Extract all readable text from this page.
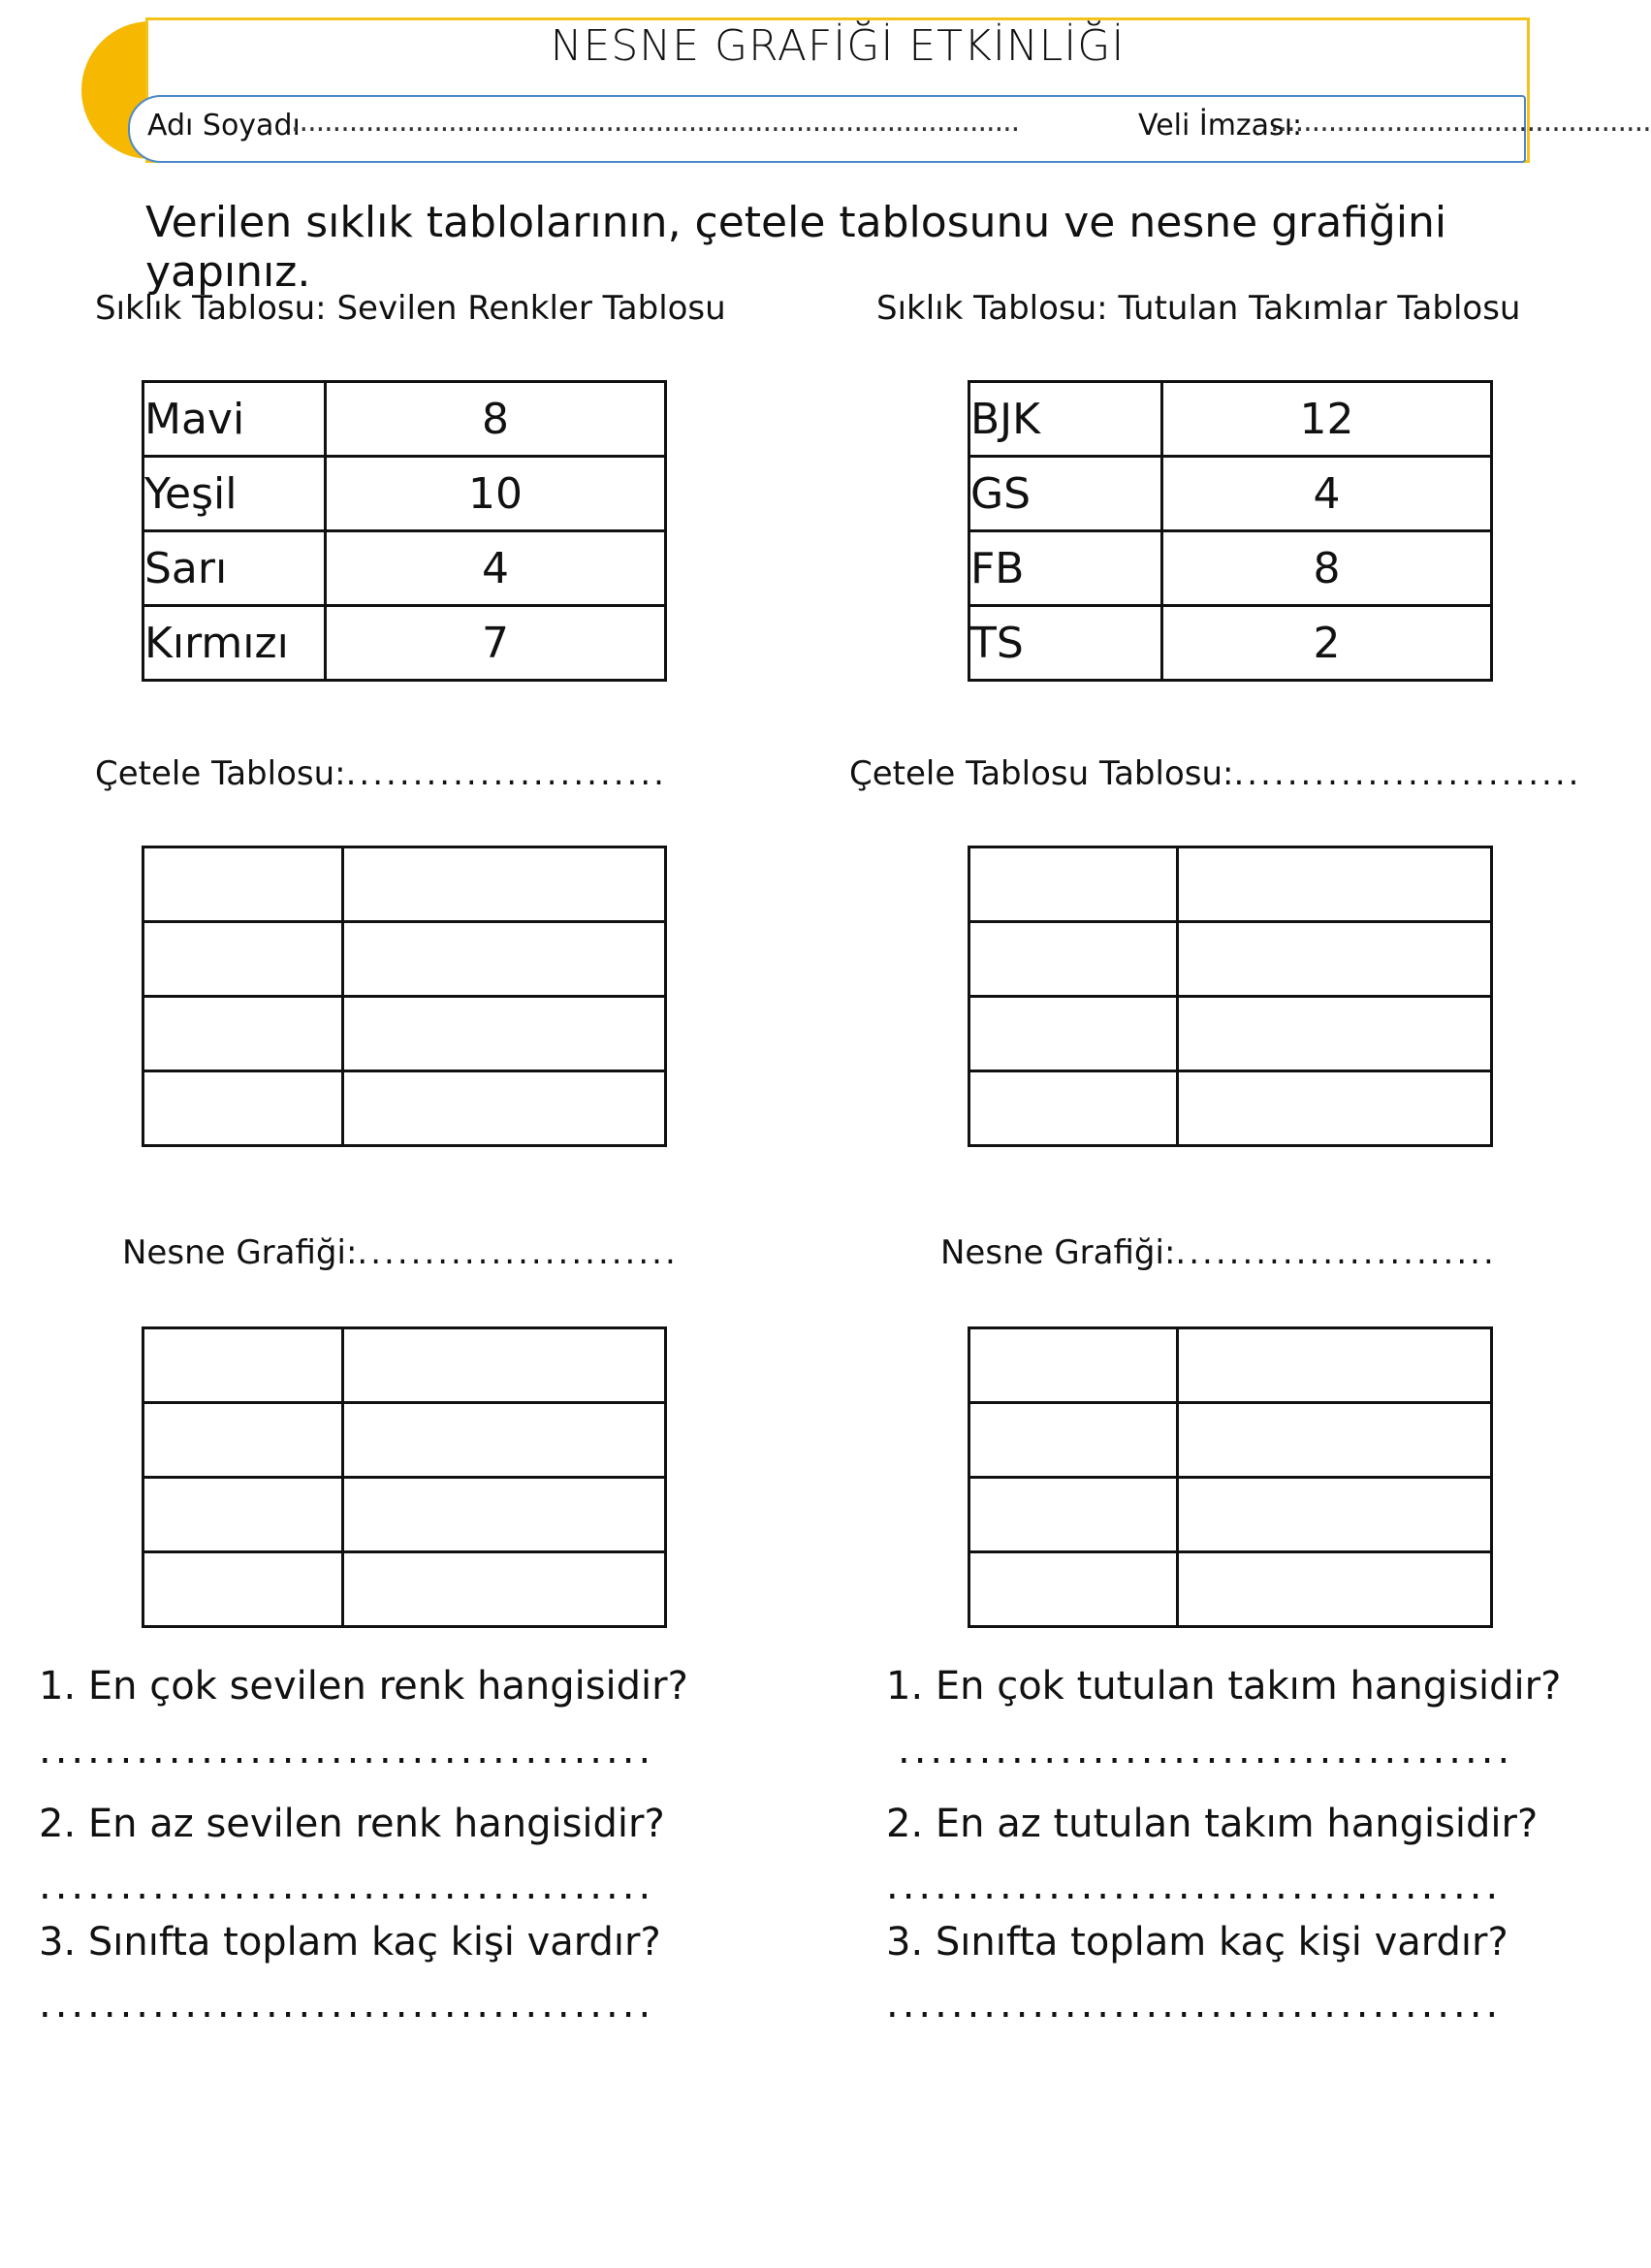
NESNE GRAFİĞİ ETKİNLİĞİ
Adı Soyadı
........................................................................................	Veli İmzası:
..............................................
Verilen sıklık tablolarının, çetele tablosunu ve nesne grafiğini yapınız.
Sıklık Tablosu: Sevilen Renkler Tablosu
Mavi	8
Yeşil	10
Sarı	4
Kırmızı	7
Sıklık Tablosu: Tutulan Takımlar Tablosu
BJK	12
GS	4
FB	8
TS	2
Çetele Tablosu:........................	Çetele Tablosu Tablosu:..........................

Nesne Grafiği:........................	Nesne Grafiği:........................

1. En çok sevilen renk hangisidir?
......................................
2. En az sevilen renk hangisidir?
......................................
3. Sınıfta toplam kaç kişi vardır?
......................................
1. En çok tutulan takım hangisidir?
......................................
2. En az tutulan takım hangisidir?
......................................
3. Sınıfta toplam kaç kişi vardır?
......................................
